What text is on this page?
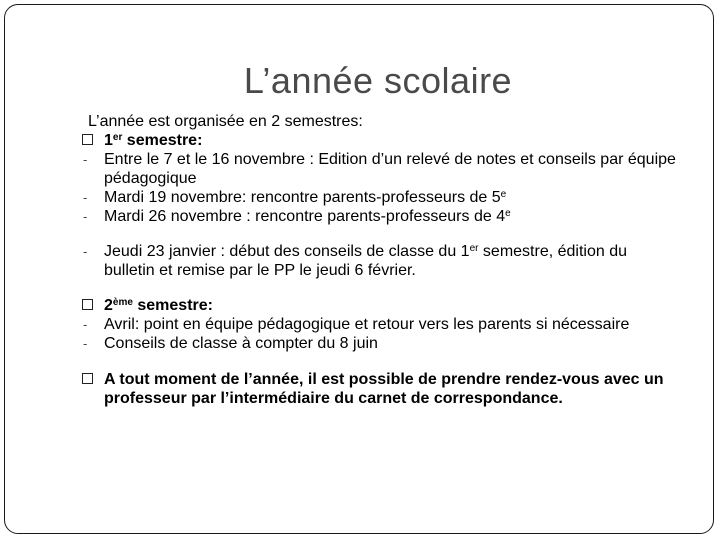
L’année scolaire
L’année est organisée en 2 semestres:
1er semestre:
- Entre le 7 et le 16 novembre : Edition d’un relevé de notes et conseils par équipe pédagogique
- Mardi 19 novembre: rencontre parents-professeurs de 5e
- Mardi 26 novembre : rencontre parents-professeurs de 4e
- Jeudi 23 janvier : début des conseils de classe du 1er semestre, édition du bulletin et remise par le PP le jeudi 6 février.
2ème semestre:
- Avril: point en équipe pédagogique et retour vers les parents si nécessaire
- Conseils de classe à compter du 8 juin
A tout moment de l’année, il est possible de prendre rendez-vous avec un professeur par l’intermédiaire du carnet de correspondance.
